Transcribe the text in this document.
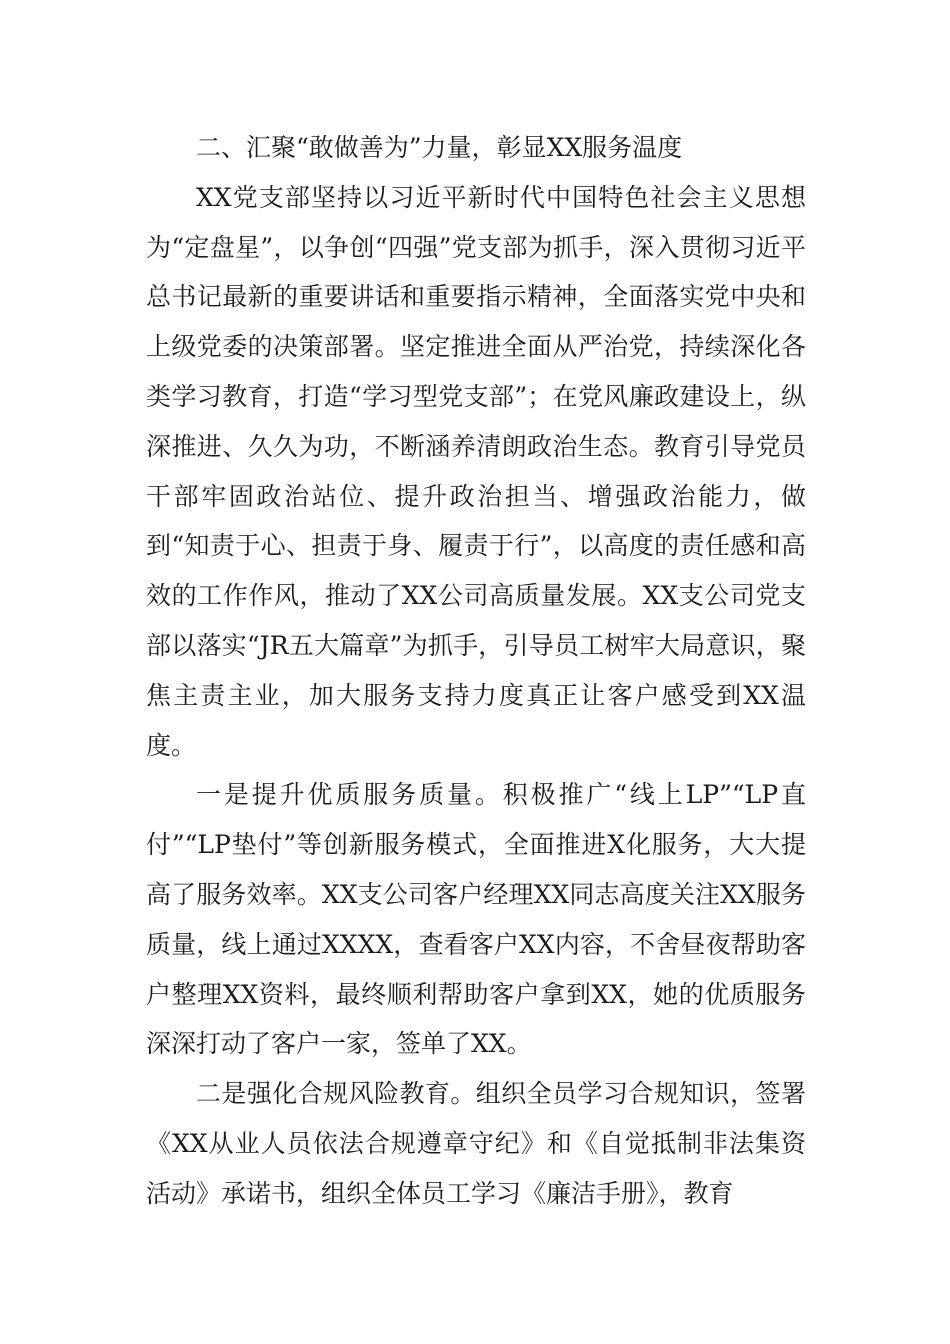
二、汇聚“敢做善为”力量，彰显XX服务温度

XX党支部坚持以习近平新时代中国特色社会主义思想为“定盘星”，以争创“四强”党支部为抓手，深入贯彻习近平总书记最新的重要讲话和重要指示精神，全面落实党中央和上级党委的决策部署。坚定推进全面从严治党，持续深化各类学习教育，打造“学习型党支部”；在党风廉政建设上，纵深推进、久久为功，不断涵养清朗政治生态。教育引导党员干部牢固政治站位、提升政治担当、增强政治能力，做到“知责于心、担责于身、履责于行”，以高度的责任感和高效的工作作风，推动了XX公司高质量发展。XX支公司党支部以落实“JR五大篇章”为抓手，引导员工树牢大局意识，聚焦主责主业，加大服务支持力度真正让客户感受到XX温度。

一是提升优质服务质量。积极推广“线上LP”“LP直付”“LP垫付”等创新服务模式，全面推进X化服务，大大提高了服务效率。XX支公司客户经理XX同志高度关注XX服务质量，线上通过XXXX，查看客户XX内容，不舍昼夜帮助客户整理XX资料，最终顺利帮助客户拿到XX，她的优质服务深深打动了客户一家，签单了XX。

二是强化合规风险教育。组织全员学习合规知识，签署《XX从业人员依法合规遵章守纪》和《自觉抵制非法集资活动》承诺书，组织全体员工学习《廉洁手册》，教育
